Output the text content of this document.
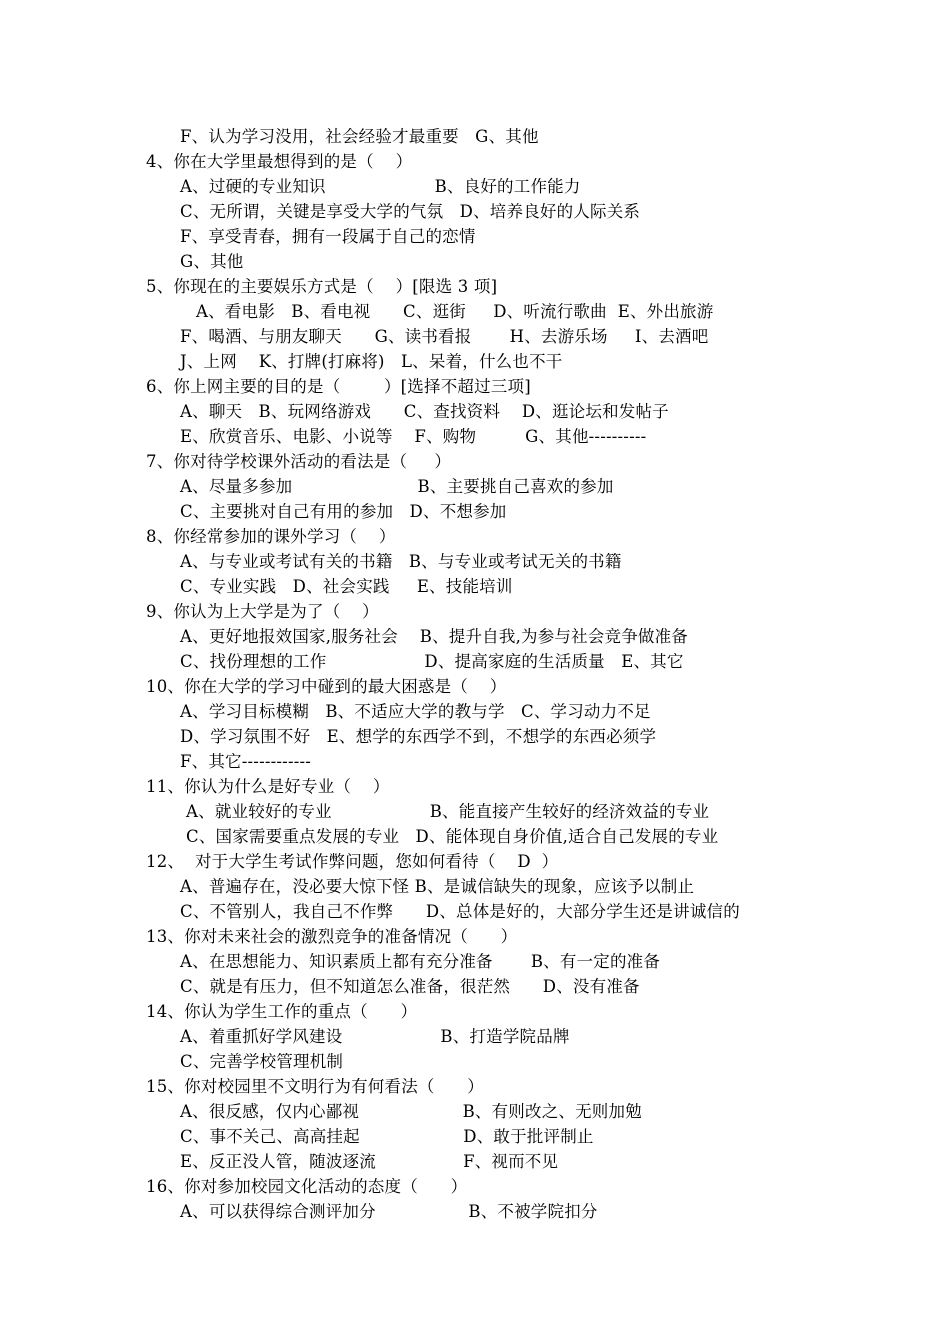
F、认为学习没用，社会经验才最重要   G、其他
4、你在大学里最想得到的是（    ）
A、过硬的专业知识                    B、良好的工作能力
C、无所谓，关键是享受大学的气氛   D、培养良好的人际关系
F、享受青春，拥有一段属于自己的恋情
G、其他
5、你现在的主要娱乐方式是（    ）[限选 3 项]
A、看电影   B、看电视      C、逛街     D、听流行歌曲  E、外出旅游
F、喝酒、与朋友聊天      G、读书看报       H、去游乐场     I、去酒吧
J、上网    K、打牌(打麻将)   L、呆着，什么也不干
6、你上网主要的目的是（        ）[选择不超过三项]
A、聊天   B、玩网络游戏      C、查找资料    D、逛论坛和发帖子
E、欣赏音乐、电影、小说等    F、购物         G、其他----------
7、你对待学校课外活动的看法是（     ）
A、尽量多参加                       B、主要挑自己喜欢的参加
C、主要挑对自己有用的参加   D、不想参加
8、你经常参加的课外学习（    ）
A、与专业或考试有关的书籍   B、与专业或考试无关的书籍
C、专业实践   D、社会实践     E、技能培训
9、你认为上大学是为了（    ）
A、更好地报效国家,服务社会    B、提升自我,为参与社会竞争做准备
C、找份理想的工作                  D、提高家庭的生活质量   E、其它
10、你在大学的学习中碰到的最大困惑是（    ）
A、学习目标模糊   B、不适应大学的教与学   C、学习动力不足
D、学习氛围不好   E、想学的东西学不到，不想学的东西必须学
F、其它------------
11、你认为什么是好专业（    ）
A、就业较好的专业                  B、能直接产生较好的经济效益的专业
C、国家需要重点发展的专业   D、能体现自身价值,适合自己发展的专业
12、  对于大学生考试作弊问题，您如何看待（    D  ）
A、普遍存在，没必要大惊下怪 B、是诚信缺失的现象，应该予以制止
C、不管别人，我自己不作弊      D、总体是好的，大部分学生还是讲诚信的
13、你对未来社会的激烈竞争的准备情况（      ）
A、在思想能力、知识素质上都有充分准备       B、有一定的准备
C、就是有压力，但不知道怎么准备，很茫然      D、没有准备
14、你认为学生工作的重点（      ）
A、着重抓好学风建设                  B、打造学院品牌
C、完善学校管理机制
15、你对校园里不文明行为有何看法（      ）
A、很反感，仅内心鄙视                   B、有则改之、无则加勉
C、事不关己、高高挂起                   D、敢于批评制止
E、反正没人管，随波逐流                F、视而不见
16、你对参加校园文化活动的态度（      ）
A、可以获得综合测评加分                 B、不被学院扣分
